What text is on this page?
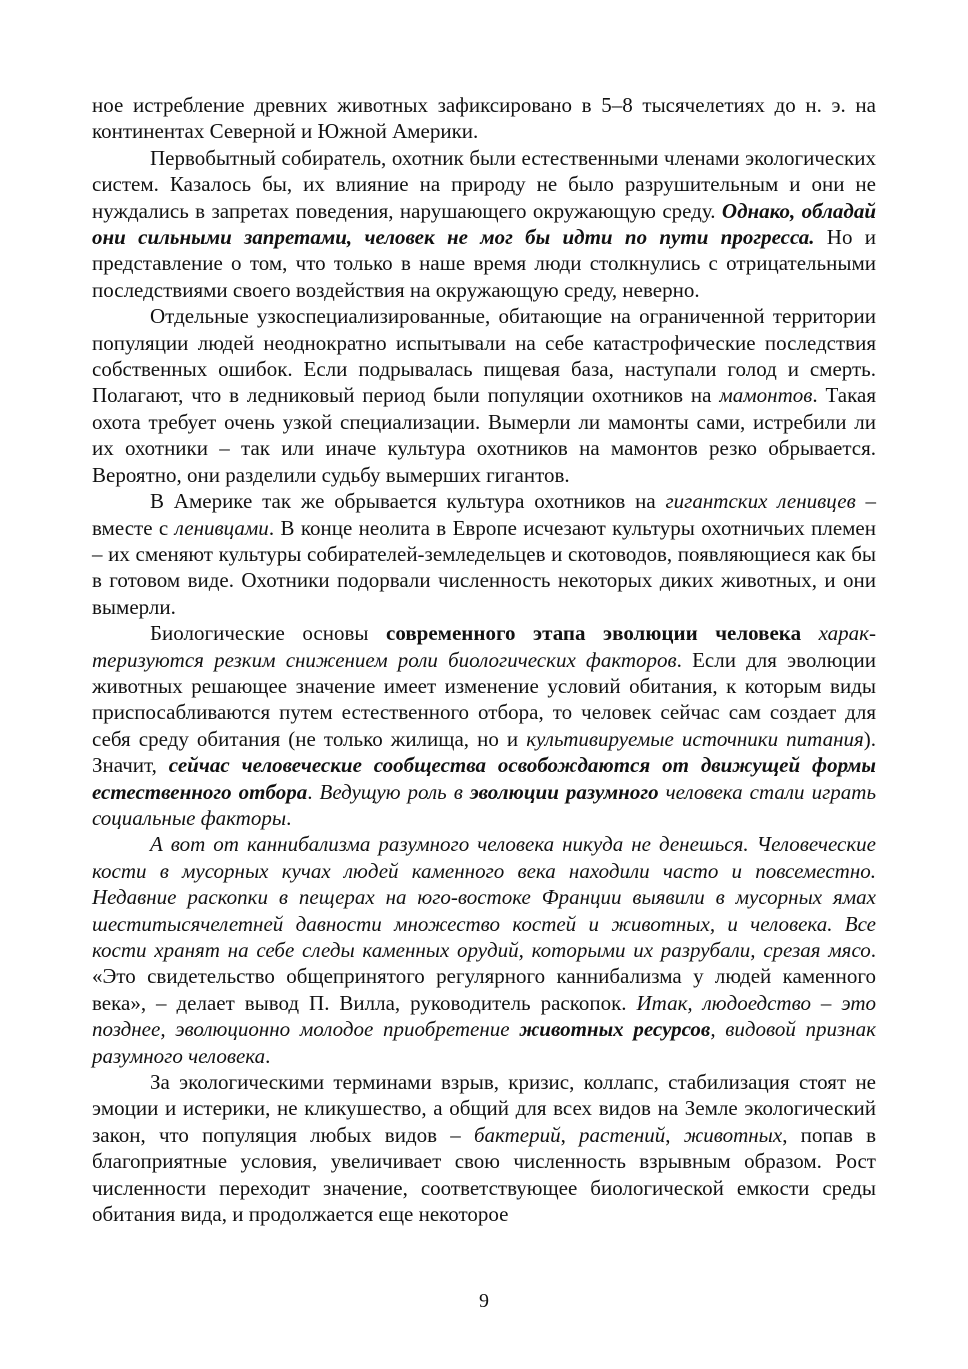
ное истребление древних животных зафиксировано в 5–8 тысячелетиях до н. э. на континентах Северной и Южной Америки.

Первобытный собиратель, охотник были естественными членами экологических систем. Казалось бы, их влияние на природу не было разрушительным и они не нуждались в запретах поведения, нарушающего окружающую среду. Однако, обладай они сильными запретами, человек не мог бы идти по пути прогресса. Но и представление о том, что только в наше время люди столкнулись с отрицательными последствиями своего воздействия на окружающую среду, неверно.

Отдельные узкоспециализированные, обитающие на ограниченной территории популяции людей неоднократно испытывали на себе катастрофические последствия собственных ошибок. Если подрывалась пищевая база, наступали голод и смерть. Полагают, что в ледниковый период были популяции охотников на мамонтов. Такая охота требует очень узкой специализации. Вымерли ли мамонты сами, истребили ли их охотники – так или иначе культура охотников на мамонтов резко обрывается. Вероятно, они разделили судьбу вымерших гигантов.

В Америке так же обрывается культура охотников на гигантских ленивцев – вместе с ленивцами. В конце неолита в Европе исчезают культуры охотничьих племен – их сменяют культуры собирателей-земледельцев и скотоводов, появляющиеся как бы в готовом виде. Охотники подорвали численность некоторых диких животных, и они вымерли.

Биологические основы современного этапа эволюции человека характеризуются резким снижением роли биологических факторов. Если для эволюции животных решающее значение имеет изменение условий обитания, к которым виды приспосабливаются путем естественного отбора, то человек сейчас сам создает для себя среду обитания (не только жилища, но и культивируемые источники питания). Значит, сейчас человеческие сообщества освобождаются от движущей формы естественного отбора. Ведущую роль в эволюции разумного человека стали играть социальные факторы.

А вот от каннибализма разумного человека никуда не денешься. Человеческие кости в мусорных кучах людей каменного века находили часто и повсеместно. Недавние раскопки в пещерах на юго-востоке Франции выявили в мусорных ямах шеститысячелетней давности множество костей и животных, и человека. Все кости хранят на себе следы каменных орудий, которыми их разрубали, срезая мясо. «Это свидетельство общепринятого регулярного каннибализма у людей каменного века», – делает вывод П. Вилла, руководитель раскопок. Итак, людоедство – это позднее, эволюционно молодое приобретение животных ресурсов, видовой признак разумного человека.

За экологическими терминами взрыв, кризис, коллапс, стабилизация стоят не эмоции и истерики, не кликушество, а общий для всех видов на Земле экологический закон, что популяция любых видов – бактерий, растений, животных, попав в благоприятные условия, увеличивает свою численность взрывным образом. Рост численности переходит значение, соответствующее биологической емкости среды обитания вида, и продолжается еще некоторое

9
